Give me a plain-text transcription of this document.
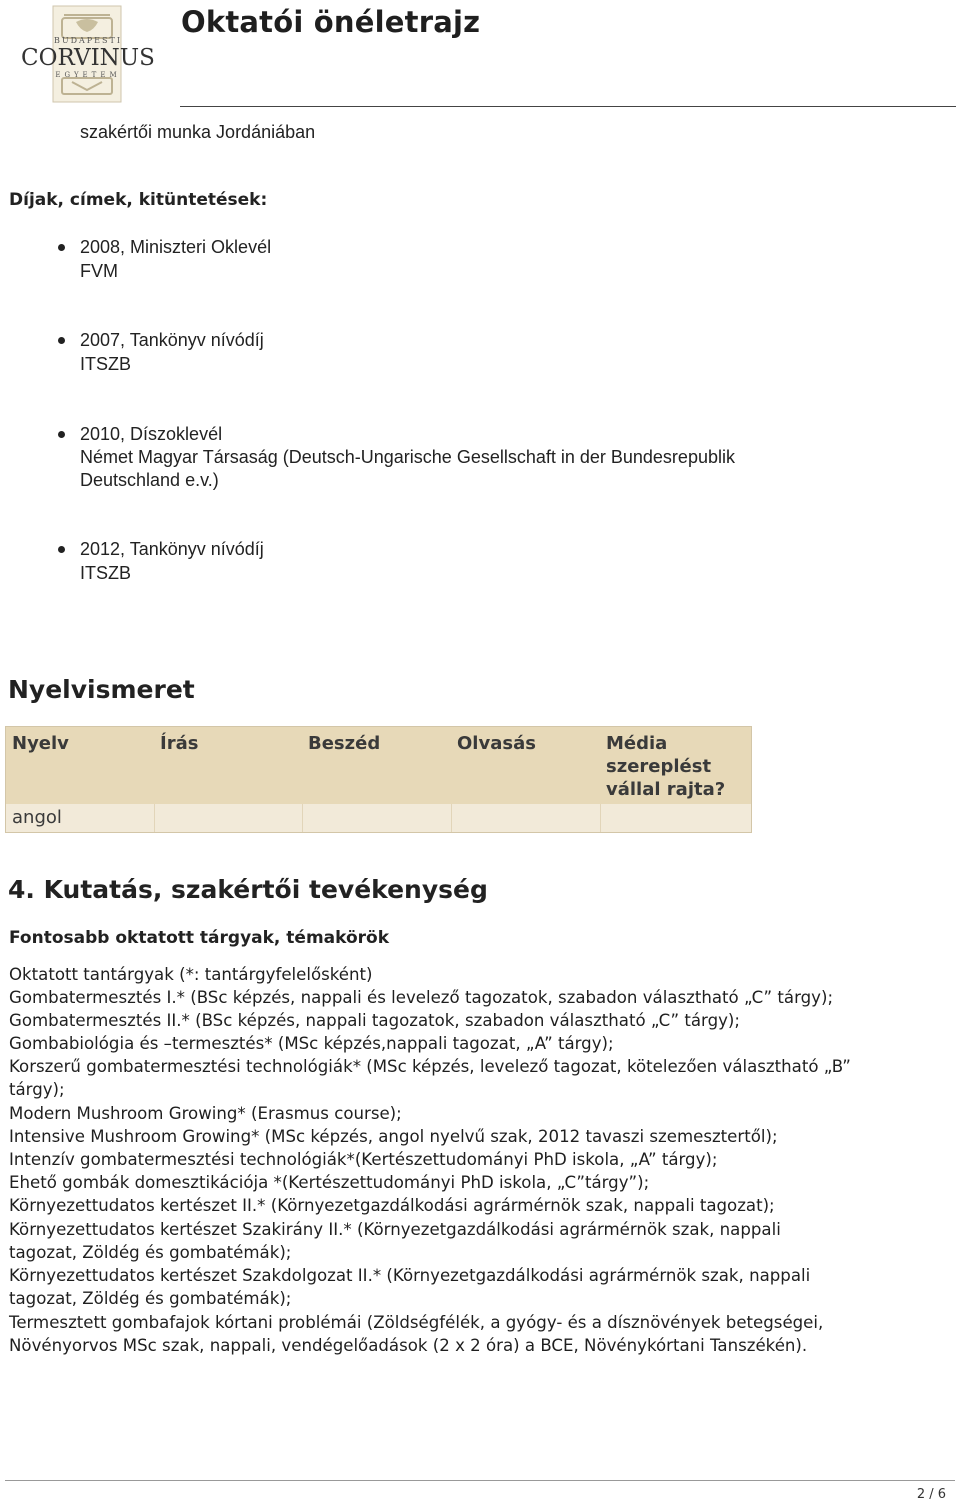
BUDAPESTI
CORVINUS
EGYETEM
Oktatói önéletrajz
szakértői munka Jordániában
Díjak, címek, kitüntetések:
2008, Miniszteri Oklevél
FVM
2007, Tankönyv nívódíj
ITSZB
2010, Díszoklevél
Német Magyar Társaság (Deutsch-Ungarische Gesellschaft in der Bundesrepublik
Deutschland e.v.)
2012, Tankönyv nívódíj
ITSZB
Nyelvismeret
Nyelv	Írás	Beszéd	Olvasás	Média
szereplést
vállal rajta?
angol
4. Kutatás, szakértői tevékenység
Fontosabb oktatott tárgyak, témakörök
Oktatott tantárgyak (*: tantárgyfelelősként)
Gombatermesztés I.* (BSc képzés, nappali és levelező tagozatok, szabadon választható „C” tárgy);
Gombatermesztés II.* (BSc képzés, nappali tagozatok, szabadon választható „C” tárgy);
Gombabiológia és –termesztés* (MSc képzés,nappali tagozat, „A” tárgy);
Korszerű gombatermesztési technológiák* (MSc képzés, levelező tagozat, kötelezően választható „B”
tárgy);
Modern Mushroom Growing* (Erasmus course);
Intensive Mushroom Growing* (MSc képzés, angol nyelvű szak, 2012 tavaszi szemesztertől);
Intenzív gombatermesztési technológiák*(Kertészettudományi PhD iskola, „A” tárgy);
Ehető gombák domesztikációja *(Kertészettudományi PhD iskola, „C”tárgy”);
Környezettudatos kertészet II.* (Környezetgazdálkodási agrármérnök szak, nappali tagozat);
Környezettudatos kertészet Szakirány II.* (Környezetgazdálkodási agrármérnök szak, nappali
tagozat, Zöldég és gombatémák);
Környezettudatos kertészet Szakdolgozat II.* (Környezetgazdálkodási agrármérnök szak, nappali
tagozat, Zöldég és gombatémák);
Termesztett gombafajok kórtani problémái (Zöldségfélék, a gyógy- és a dísznövények betegségei,
Növényorvos MSc szak, nappali, vendégelőadások (2 x 2 óra) a BCE, Növénykórtani Tanszékén).
2 / 6
